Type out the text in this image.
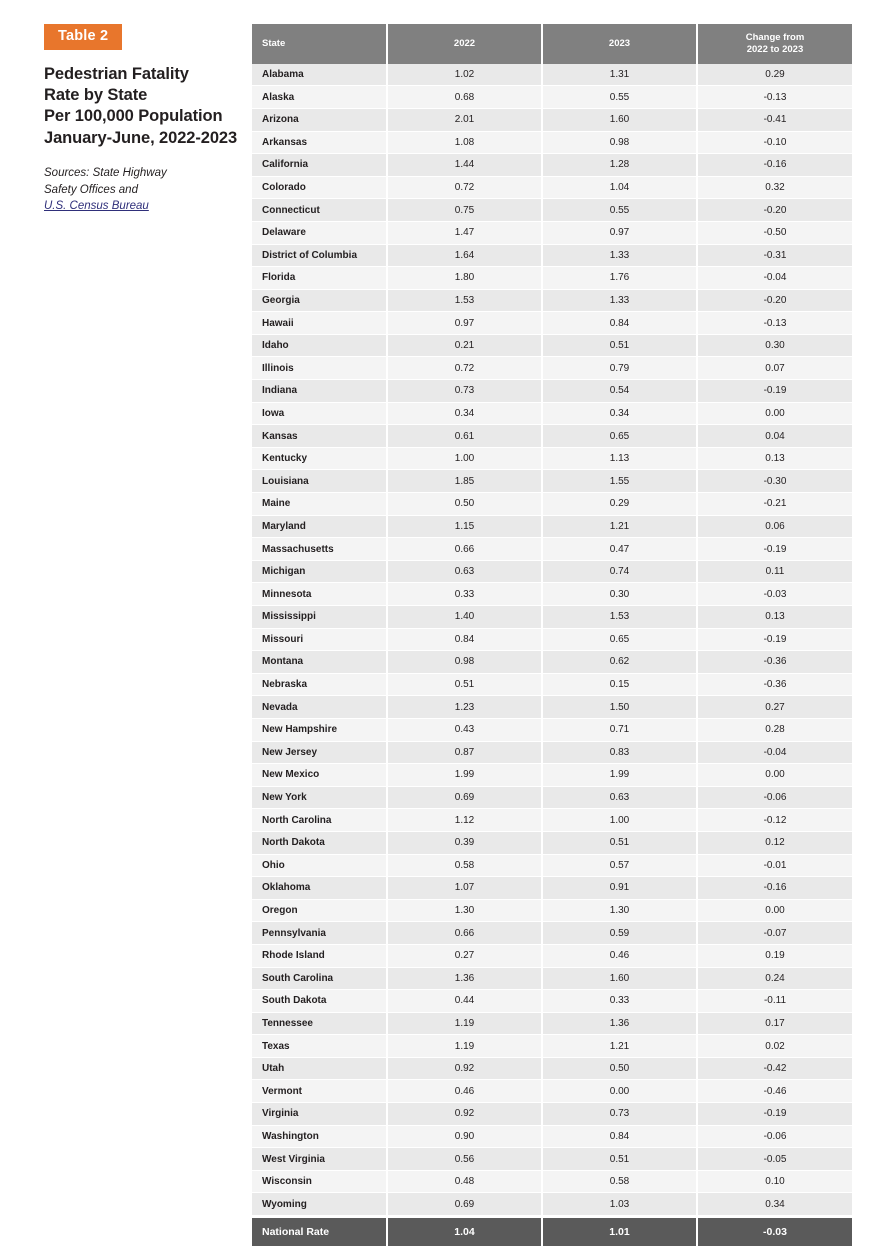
Table 2
Pedestrian Fatality
Rate by State
Per 100,000 Population
January-June, 2022-2023
Sources: State Highway
Safety Offices and
U.S. Census Bureau
State	2022	2023	Change from
2022 to 2023
Alabama	1.02	1.31	0.29
Alaska	0.68	0.55	-0.13
Arizona	2.01	1.60	-0.41
Arkansas	1.08	0.98	-0.10
California	1.44	1.28	-0.16
Colorado	0.72	1.04	0.32
Connecticut	0.75	0.55	-0.20
Delaware	1.47	0.97	-0.50
District of Columbia	1.64	1.33	-0.31
Florida	1.80	1.76	-0.04
Georgia	1.53	1.33	-0.20
Hawaii	0.97	0.84	-0.13
Idaho	0.21	0.51	0.30
Illinois	0.72	0.79	0.07
Indiana	0.73	0.54	-0.19
Iowa	0.34	0.34	0.00
Kansas	0.61	0.65	0.04
Kentucky	1.00	1.13	0.13
Louisiana	1.85	1.55	-0.30
Maine	0.50	0.29	-0.21
Maryland	1.15	1.21	0.06
Massachusetts	0.66	0.47	-0.19
Michigan	0.63	0.74	0.11
Minnesota	0.33	0.30	-0.03
Mississippi	1.40	1.53	0.13
Missouri	0.84	0.65	-0.19
Montana	0.98	0.62	-0.36
Nebraska	0.51	0.15	-0.36
Nevada	1.23	1.50	0.27
New Hampshire	0.43	0.71	0.28
New Jersey	0.87	0.83	-0.04
New Mexico	1.99	1.99	0.00
New York	0.69	0.63	-0.06
North Carolina	1.12	1.00	-0.12
North Dakota	0.39	0.51	0.12
Ohio	0.58	0.57	-0.01
Oklahoma	1.07	0.91	-0.16
Oregon	1.30	1.30	0.00
Pennsylvania	0.66	0.59	-0.07
Rhode Island	0.27	0.46	0.19
South Carolina	1.36	1.60	0.24
South Dakota	0.44	0.33	-0.11
Tennessee	1.19	1.36	0.17
Texas	1.19	1.21	0.02
Utah	0.92	0.50	-0.42
Vermont	0.46	0.00	-0.46
Virginia	0.92	0.73	-0.19
Washington	0.90	0.84	-0.06
West Virginia	0.56	0.51	-0.05
Wisconsin	0.48	0.58	0.10
Wyoming	0.69	1.03	0.34
National Rate	1.04	1.01	-0.03
